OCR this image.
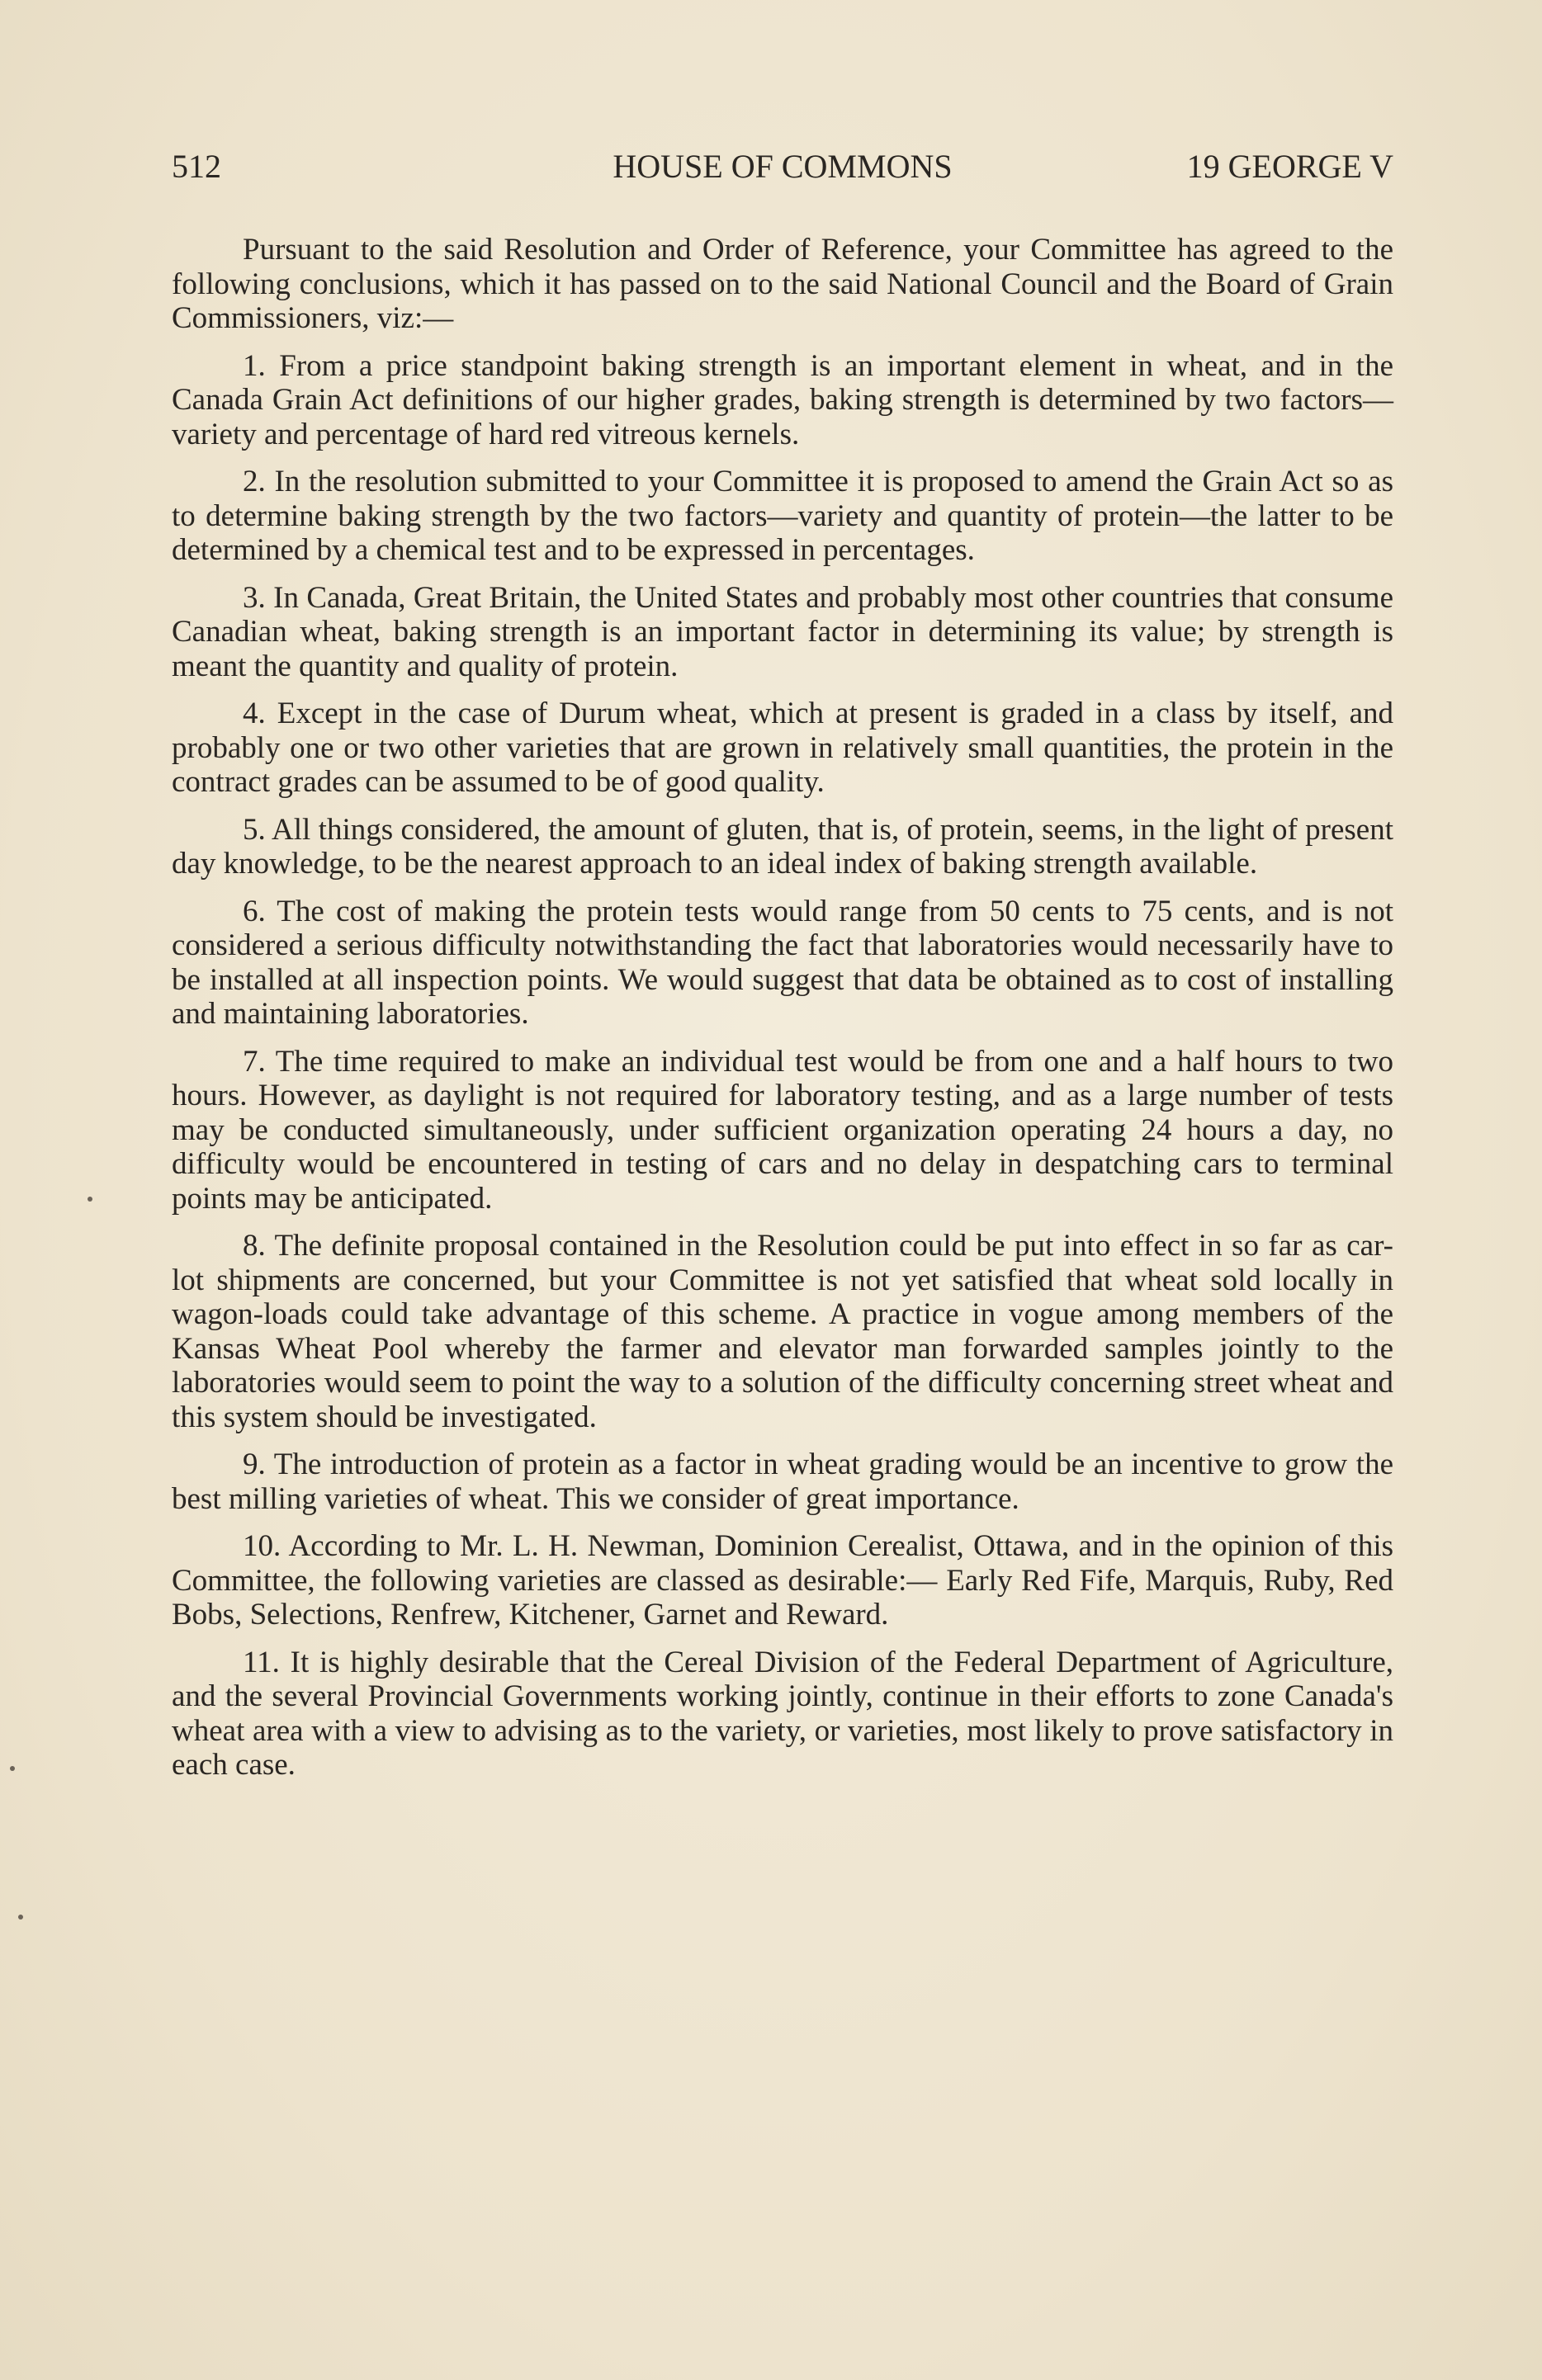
512	HOUSE OF COMMONS	19 GEORGE V

Pursuant to the said Resolution and Order of Reference, your Committee has agreed to the following conclusions, which it has passed on to the said National Council and the Board of Grain Commissioners, viz:—

1. From a price standpoint baking strength is an important element in wheat, and in the Canada Grain Act definitions of our higher grades, baking strength is determined by two factors—variety and percentage of hard red vitreous kernels.

2. In the resolution submitted to your Committee it is proposed to amend the Grain Act so as to determine baking strength by the two factors—variety and quantity of protein—the latter to be determined by a chemical test and to be expressed in percentages.

3. In Canada, Great Britain, the United States and probably most other countries that consume Canadian wheat, baking strength is an important factor in determining its value; by strength is meant the quantity and quality of protein.

4. Except in the case of Durum wheat, which at present is graded in a class by itself, and probably one or two other varieties that are grown in relatively small quantities, the protein in the contract grades can be assumed to be of good quality.

5. All things considered, the amount of gluten, that is, of protein, seems, in the light of present day knowledge, to be the nearest approach to an ideal index of baking strength available.

6. The cost of making the protein tests would range from 50 cents to 75 cents, and is not considered a serious difficulty notwithstanding the fact that laboratories would necessarily have to be installed at all inspection points. We would suggest that data be obtained as to cost of installing and maintaining laboratories.

7. The time required to make an individual test would be from one and a half hours to two hours. However, as daylight is not required for laboratory testing, and as a large number of tests may be conducted simultaneously, under sufficient organization operating 24 hours a day, no difficulty would be encountered in testing of cars and no delay in despatching cars to terminal points may be anticipated.

8. The definite proposal contained in the Resolution could be put into effect in so far as car-lot shipments are concerned, but your Committee is not yet satisfied that wheat sold locally in wagon-loads could take advantage of this scheme. A practice in vogue among members of the Kansas Wheat Pool whereby the farmer and elevator man forwarded samples jointly to the laboratories would seem to point the way to a solution of the difficulty concerning street wheat and this system should be investigated.

9. The introduction of protein as a factor in wheat grading would be an incentive to grow the best milling varieties of wheat. This we consider of great importance.

10. According to Mr. L. H. Newman, Dominion Cerealist, Ottawa, and in the opinion of this Committee, the following varieties are classed as desirable:— Early Red Fife, Marquis, Ruby, Red Bobs, Selections, Renfrew, Kitchener, Garnet and Reward.

11. It is highly desirable that the Cereal Division of the Federal Department of Agriculture, and the several Provincial Governments working jointly, continue in their efforts to zone Canada's wheat area with a view to advising as to the variety, or varieties, most likely to prove satisfactory in each case.
